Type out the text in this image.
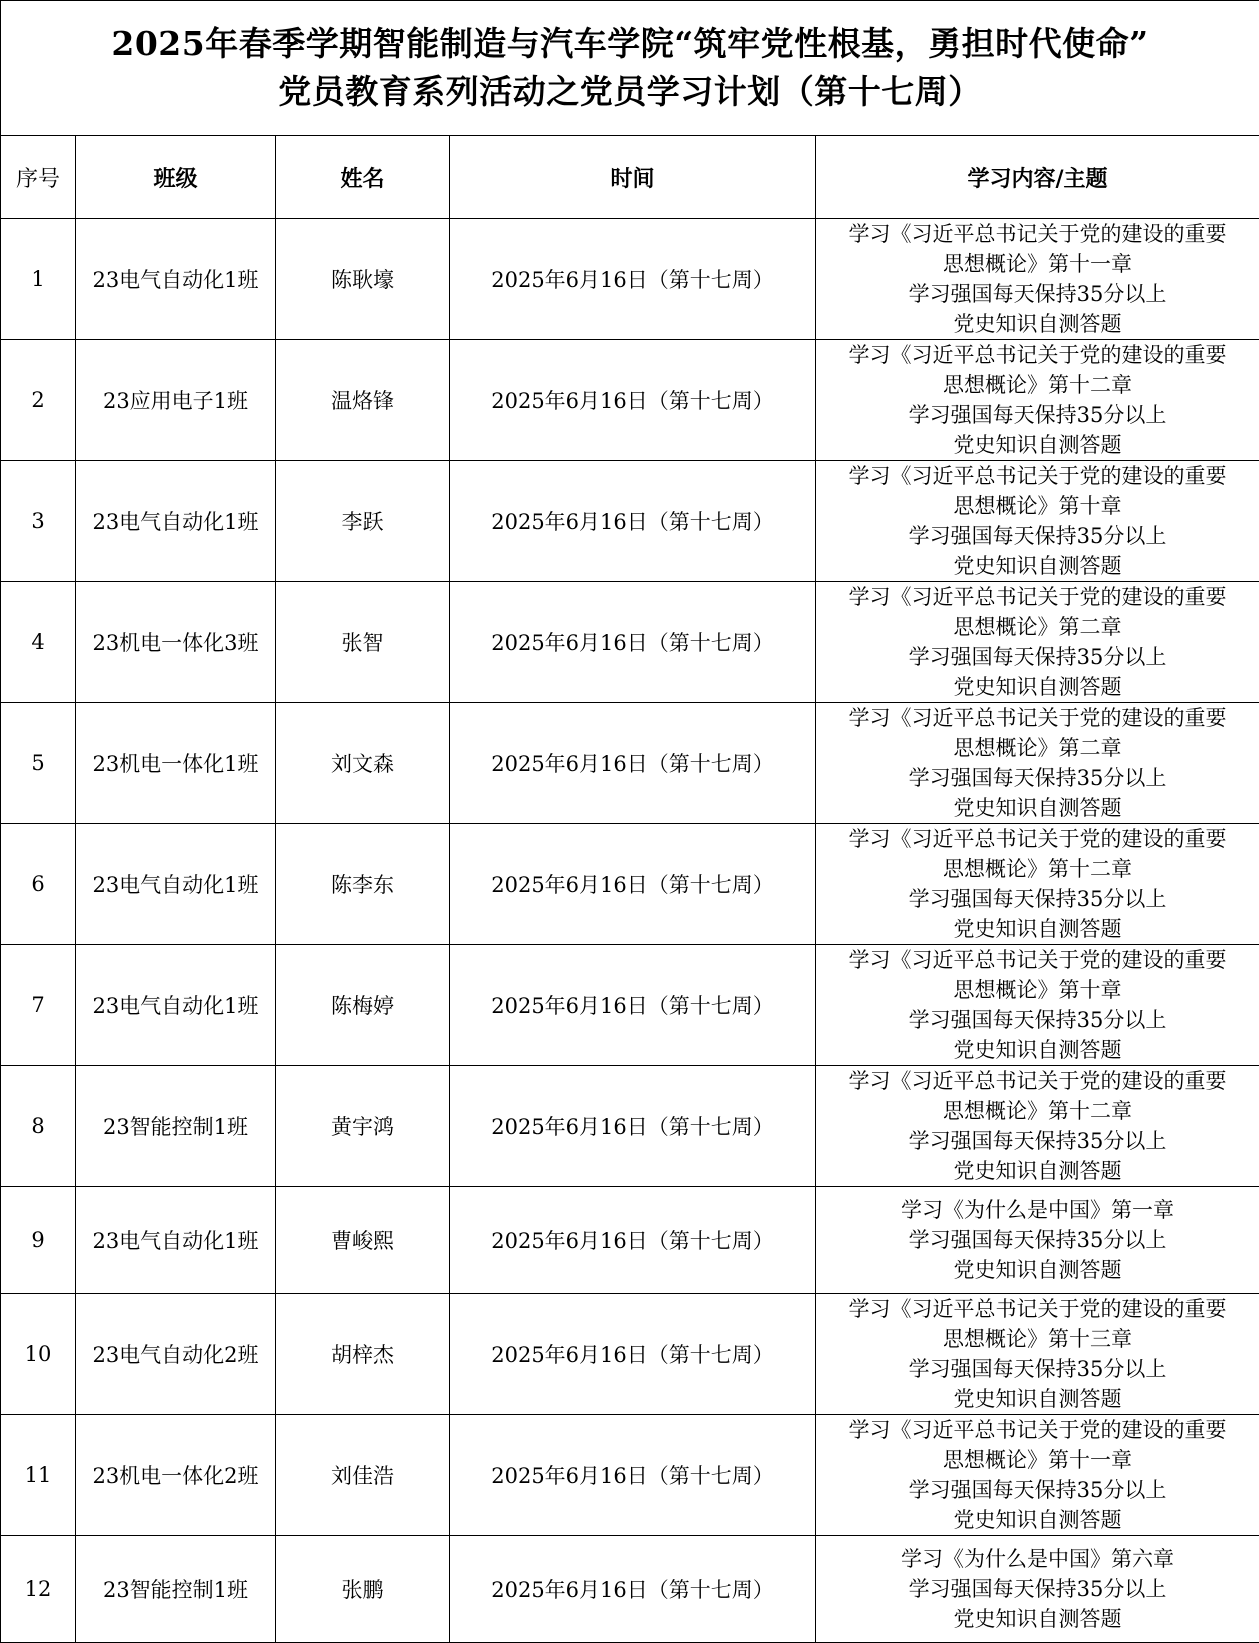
2025年春季学期智能制造与汽车学院“筑牢党性根基，勇担时代使命”
党员教育系列活动之党员学习计划（第十七周）				

序号	班级	姓名	时间	学习内容/主题
1	23电气自动化1班	陈耿壕	2025年6月16日（第十七周）	学习《习近平总书记关于党的建设的重要
思想概论》第十一章
学习强国每天保持35分以上
党史知识自测答题

2	23应用电子1班	温烙锋	2025年6月16日（第十七周）	学习《习近平总书记关于党的建设的重要
思想概论》第十二章
学习强国每天保持35分以上
党史知识自测答题

3	23电气自动化1班	李跃	2025年6月16日（第十七周）	学习《习近平总书记关于党的建设的重要
思想概论》第十章
学习强国每天保持35分以上
党史知识自测答题

4	23机电一体化3班	张智	2025年6月16日（第十七周）	学习《习近平总书记关于党的建设的重要
思想概论》第二章
学习强国每天保持35分以上
党史知识自测答题

5	23机电一体化1班	刘文森	2025年6月16日（第十七周）	学习《习近平总书记关于党的建设的重要
思想概论》第二章
学习强国每天保持35分以上
党史知识自测答题

6	23电气自动化1班	陈李东	2025年6月16日（第十七周）	学习《习近平总书记关于党的建设的重要
思想概论》第十二章
学习强国每天保持35分以上
党史知识自测答题

7	23电气自动化1班	陈梅婷	2025年6月16日（第十七周）	学习《习近平总书记关于党的建设的重要
思想概论》第十章
学习强国每天保持35分以上
党史知识自测答题

8	23智能控制1班	黄宇鸿	2025年6月16日（第十七周）	学习《习近平总书记关于党的建设的重要
思想概论》第十二章
学习强国每天保持35分以上
党史知识自测答题

9	23电气自动化1班	曹峻熙	2025年6月16日（第十七周）	学习《为什么是中国》第一章
学习强国每天保持35分以上
党史知识自测答题

10	23电气自动化2班	胡梓杰	2025年6月16日（第十七周）	学习《习近平总书记关于党的建设的重要
思想概论》第十三章
学习强国每天保持35分以上
党史知识自测答题

11	23机电一体化2班	刘佳浩	2025年6月16日（第十七周）	学习《习近平总书记关于党的建设的重要
思想概论》第十一章
学习强国每天保持35分以上
党史知识自测答题

12	23智能控制1班	张鹏	2025年6月16日（第十七周）	学习《为什么是中国》第六章
学习强国每天保持35分以上
党史知识自测答题
